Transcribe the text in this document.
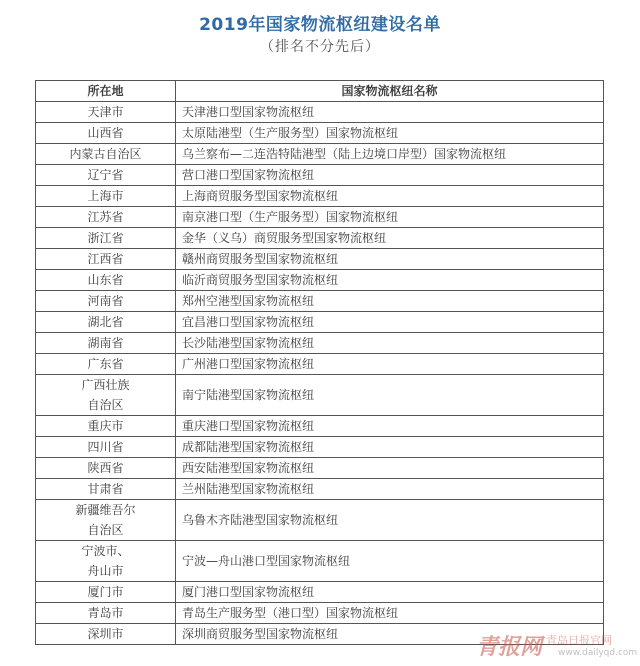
2019年国家物流枢纽建设名单
（排名不分先后）
所在地	国家物流枢纽名称

天津市	天津港口型国家物流枢纽

山西省	太原陆港型（生产服务型）国家物流枢纽

内蒙古自治区	乌兰察布—二连浩特陆港型（陆上边境口岸型）国家物流枢纽

辽宁省	营口港口型国家物流枢纽

上海市	上海商贸服务型国家物流枢纽

江苏省	南京港口型（生产服务型）国家物流枢纽

浙江省	金华（义乌）商贸服务型国家物流枢纽

江西省	赣州商贸服务型国家物流枢纽

山东省	临沂商贸服务型国家物流枢纽

河南省	郑州空港型国家物流枢纽

湖北省	宜昌港口型国家物流枢纽

湖南省	长沙陆港型国家物流枢纽

广东省	广州港口型国家物流枢纽

广西壮族
自治区	南宁陆港型国家物流枢纽

重庆市	重庆港口型国家物流枢纽

四川省	成都陆港型国家物流枢纽

陕西省	西安陆港型国家物流枢纽

甘肃省	兰州陆港型国家物流枢纽

新疆维吾尔
自治区	乌鲁木齐陆港型国家物流枢纽

宁波市、
舟山市	宁波—舟山港口型国家物流枢纽

厦门市	厦门港口型国家物流枢纽

青岛市	青岛生产服务型（港口型）国家物流枢纽

深圳市	深圳商贸服务型国家物流枢纽	青报网 青岛日报官网
www.dailyqd.com
